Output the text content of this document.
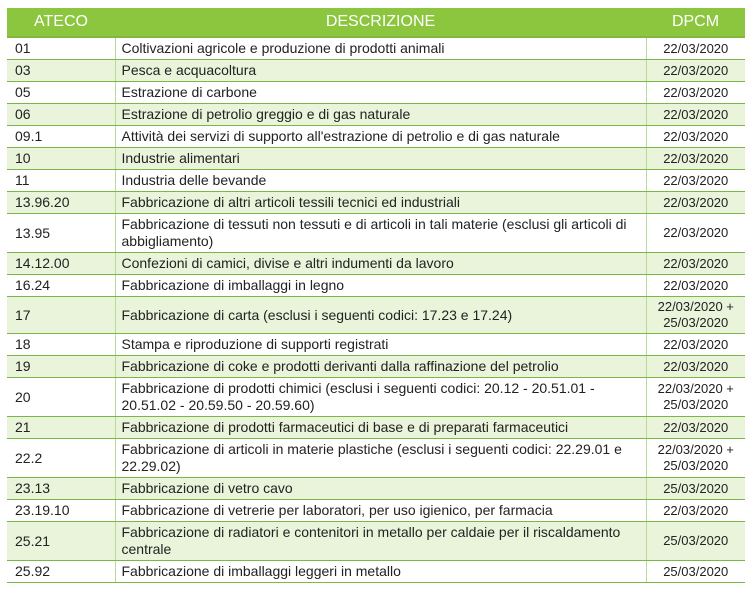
ATECO	DESCRIZIONE	DPCM
01	Coltivazioni agricole e produzione di prodotti animali	22/03/2020
03	Pesca e acquacoltura	22/03/2020
05	Estrazione di carbone	22/03/2020
06	Estrazione di petrolio greggio e di gas naturale	22/03/2020
09.1	Attività dei servizi di supporto all'estrazione di petrolio e di gas naturale	22/03/2020
10	Industrie alimentari	22/03/2020
11	Industria delle bevande	22/03/2020
13.96.20	Fabbricazione di altri articoli tessili tecnici ed industriali	22/03/2020
13.95	Fabbricazione di tessuti non tessuti e di articoli in tali materie (esclusi gli articoli di abbigliamento)	22/03/2020
14.12.00	Confezioni di camici, divise e altri indumenti da lavoro	22/03/2020
16.24	Fabbricazione di imballaggi in legno	22/03/2020
17	Fabbricazione di carta (esclusi i seguenti codici: 17.23 e 17.24)	22/03/2020 + 25/03/2020
18	Stampa e riproduzione di supporti registrati	22/03/2020
19	Fabbricazione di coke e prodotti derivanti dalla raffinazione del petrolio	22/03/2020
20	Fabbricazione di prodotti chimici (esclusi i seguenti codici: 20.12 - 20.51.01 - 20.51.02 - 20.59.50 - 20.59.60)	22/03/2020 + 25/03/2020
21	Fabbricazione di prodotti farmaceutici di base e di preparati farmaceutici	22/03/2020
22.2	Fabbricazione di articoli in materie plastiche (esclusi i seguenti codici: 22.29.01 e 22.29.02)	22/03/2020 + 25/03/2020
23.13	Fabbricazione di vetro cavo	25/03/2020
23.19.10	Fabbricazione di vetrerie per laboratori, per uso igienico, per farmacia	22/03/2020
25.21	Fabbricazione di radiatori e contenitori in metallo per caldaie per il riscaldamento centrale	25/03/2020
25.92	Fabbricazione di imballaggi leggeri in metallo	25/03/2020
